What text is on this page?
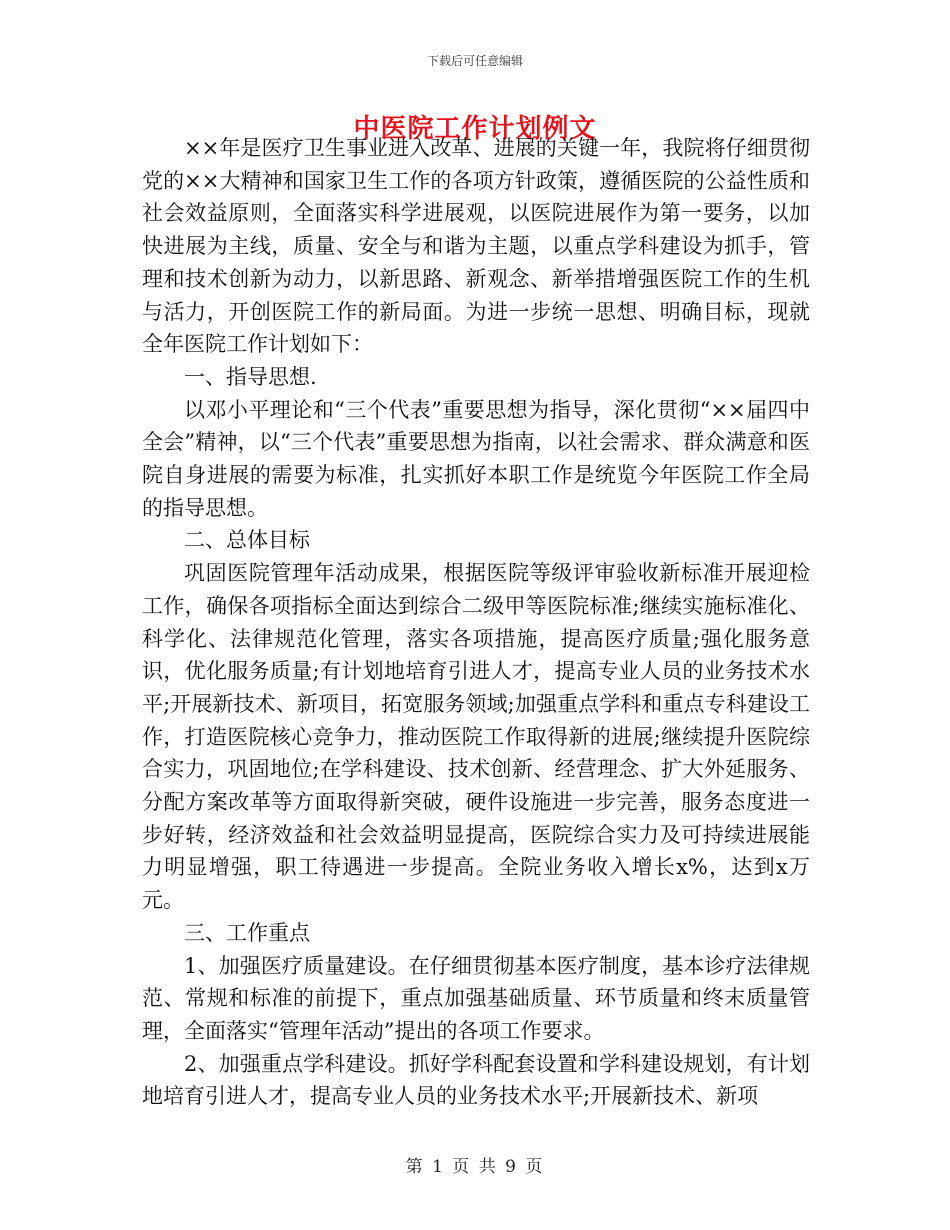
下载后可任意编辑
中医院工作计划例文

××年是医疗卫生事业进入改革、进展的关键一年，我院将仔细贯彻党的××大精神和国家卫生工作的各项方针政策，遵循医院的公益性质和社会效益原则，全面落实科学进展观，以医院进展作为第一要务，以加快进展为主线，质量、安全与和谐为主题，以重点学科建设为抓手，管理和技术创新为动力，以新思路、新观念、新举措增强医院工作的生机与活力，开创医院工作的新局面。为进一步统一思想、明确目标，现就全年医院工作计划如下：

一、指导思想.

以邓小平理论和“三个代表”重要思想为指导，深化贯彻“××届四中全会”精神，以“三个代表”重要思想为指南，以社会需求、群众满意和医院自身进展的需要为标准，扎实抓好本职工作是统览今年医院工作全局的指导思想。

二、总体目标

巩固医院管理年活动成果，根据医院等级评审验收新标准开展迎检工作，确保各项指标全面达到综合二级甲等医院标准;继续实施标准化、科学化、法律规范化管理，落实各项措施，提高医疗质量;强化服务意识，优化服务质量;有计划地培育引进人才，提高专业人员的业务技术水平;开展新技术、新项目，拓宽服务领域;加强重点学科和重点专科建设工作，打造医院核心竞争力，推动医院工作取得新的进展;继续提升医院综合实力，巩固地位;在学科建设、技术创新、经营理念、扩大外延服务、分配方案改革等方面取得新突破，硬件设施进一步完善，服务态度进一步好转，经济效益和社会效益明显提高，医院综合实力及可持续进展能力明显增强，职工待遇进一步提高。全院业务收入增长x%，达到x万元。

三、工作重点

1、加强医疗质量建设。在仔细贯彻基本医疗制度，基本诊疗法律规范、常规和标准的前提下，重点加强基础质量、环节质量和终末质量管理，全面落实“管理年活动”提出的各项工作要求。

2、加强重点学科建设。抓好学科配套设置和学科建设规划，有计划地培育引进人才，提高专业人员的业务技术水平;开展新技术、新项

第 1 页 共 9 页
